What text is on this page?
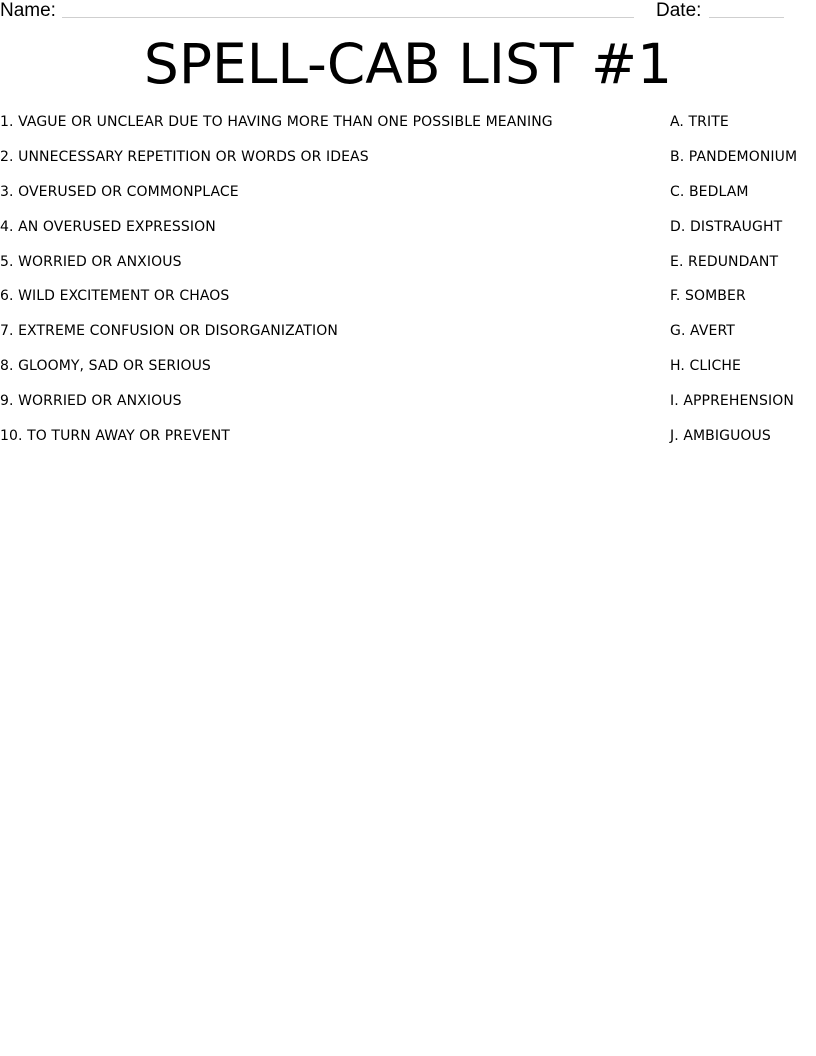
Name:	Date:
SPELL-CAB LIST #1
1. VAGUE OR UNCLEAR DUE TO HAVING MORE THAN ONE POSSIBLE MEANING
2. UNNECESSARY REPETITION OR WORDS OR IDEAS
3. OVERUSED OR COMMONPLACE
4. AN OVERUSED EXPRESSION
5. WORRIED OR ANXIOUS
6. WILD EXCITEMENT OR CHAOS
7. EXTREME CONFUSION OR DISORGANIZATION
8. GLOOMY, SAD OR SERIOUS
9. WORRIED OR ANXIOUS
10. TO TURN AWAY OR PREVENT
A. TRITE
B. PANDEMONIUM
C. BEDLAM
D. DISTRAUGHT
E. REDUNDANT
F. SOMBER
G. AVERT
H. CLICHE
I. APPREHENSION
J. AMBIGUOUS
